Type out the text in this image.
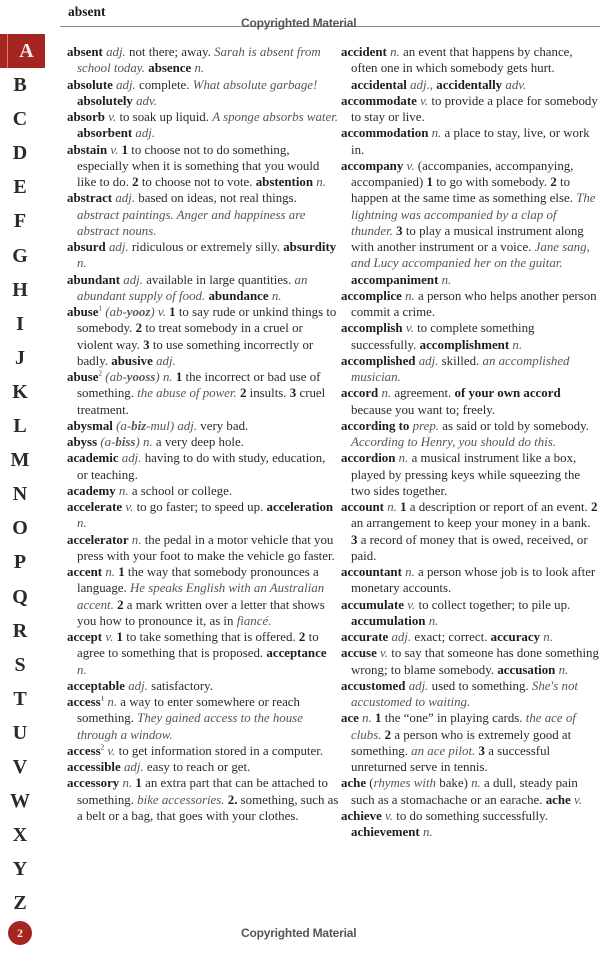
absent
Copyrighted Material
A
B
C
D
E
F
G
H
I
J
K
L
M
N
O
P
Q
R
S
T
U
V
W
X
Y
Z
2

absent adj. not there; away. Sarah is absent from school today. absence n.

absolute adj. complete. What absolute garbage! absolutely adv.

absorb v. to soak up liquid. A sponge absorbs water. absorbent adj.

abstain v. 1 to choose not to do something, especially when it is something that you would like to do. 2 to choose not to vote. abstention n.

abstract adj. based on ideas, not real things. abstract paintings. Anger and happiness are abstract nouns.

absurd adj. ridiculous or extremely silly. absurdity n.

abundant adj. available in large quantities. an abundant supply of food. abundance n.

abuse$^1$ (ab-yooz) v. 1 to say rude or unkind things to somebody. 2 to treat somebody in a cruel or violent way. 3 to use something incorrectly or badly. abusive adj.

abuse$^2$ (ab-yooss) n. 1 the incorrect or bad use of something. the abuse of power. 2 insults. 3 cruel treatment.

abysmal (a-biz-mul) adj. very bad.

abyss (a-biss) n. a very deep hole.

academic adj. having to do with study, education, or teaching.

academy n. a school or college.

accelerate v. to go faster; to speed up. acceleration n.

accelerator n. the pedal in a motor vehicle that you press with your foot to make the vehicle go faster.

accent n. 1 the way that somebody pronounces a language. He speaks English with an Australian accent. 2 a mark written over a letter that shows you how to pronounce it, as in fiancé.

accept v. 1 to take something that is offered. 2 to agree to something that is proposed. acceptance n.

acceptable adj. satisfactory.

access$^1$ n. a way to enter somewhere or reach something. They gained access to the house through a window.

access$^2$ v. to get information stored in a computer.

accessible adj. easy to reach or get.

accessory n. 1 an extra part that can be attached to something. bike accessories. 2. something, such as a belt or a bag, that goes with your clothes.

accident n. an event that happens by chance, often one in which somebody gets hurt. accidental adj., accidentally adv.

accommodate v. to provide a place for somebody to stay or live.

accommodation n. a place to stay, live, or work in.

accompany v. (accompanies, accompanying, accompanied) 1 to go with somebody. 2 to happen at the same time as something else. The lightning was accompanied by a clap of thunder. 3 to play a musical instrument along with another instrument or a voice. Jane sang, and Lucy accompanied her on the guitar. accompaniment n.

accomplice n. a person who helps another person commit a crime.

accomplish v. to complete something successfully. accomplishment n.

accomplished adj. skilled. an accomplished musician.

accord n. agreement. of your own accord because you want to; freely.

according to prep. as said or told by somebody. According to Henry, you should do this.

accordion n. a musical instrument like a box, played by pressing keys while squeezing the two sides together.

account n. 1 a description or report of an event. 2 an arrangement to keep your money in a bank. 3 a record of money that is owed, received, or paid.

accountant n. a person whose job is to look after monetary accounts.

accumulate v. to collect together; to pile up. accumulation n.

accurate adj. exact; correct. accuracy n.

accuse v. to say that someone has done something wrong; to blame somebody. accusation n.

accustomed adj. used to something. She's not accustomed to waiting.

ace n. 1 the “one” in playing cards. the ace of clubs. 2 a person who is extremely good at something. an ace pilot. 3 a successful unreturned serve in tennis.

ache (rhymes with bake) n. a dull, steady pain such as a stomachache or an earache. ache v.

achieve v. to do something successfully. achievement n.

Copyrighted Material
